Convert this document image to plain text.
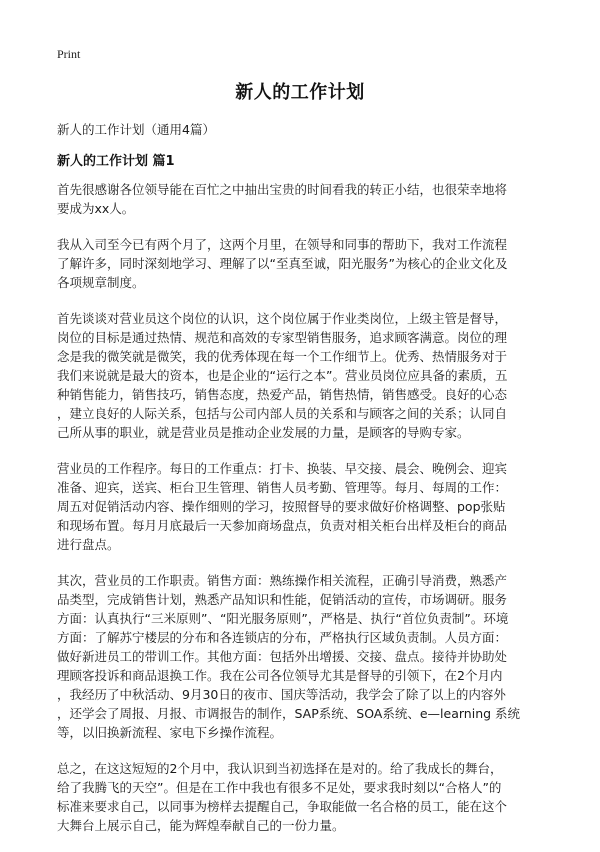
Print
新人的工作计划
新人的工作计划（通用4篇）
新人的工作计划 篇1

首先很感谢各位领导能在百忙之中抽出宝贵的时间看我的转正小结，也很荣幸地将
要成为xx人。

我从入司至今已有两个月了，这两个月里，在领导和同事的帮助下，我对工作流程
了解许多，同时深刻地学习、理解了以“至真至诚，阳光服务”为核心的企业文化及
各项规章制度。

首先谈谈对营业员这个岗位的认识，这个岗位属于作业类岗位，上级主管是督导，
岗位的目标是通过热情、规范和高效的专家型销售服务，追求顾客满意。岗位的理
念是我的微笑就是微笑，我的优秀体现在每一个工作细节上。优秀、热情服务对于
我们来说就是最大的资本，也是企业的“运行之本”。营业员岗位应具备的素质，五
种销售能力，销售技巧，销售态度，热爱产品，销售热情，销售感受。良好的心态
，建立良好的人际关系，包括与公司内部人员的关系和与顾客之间的关系；认同自
己所从事的职业，就是营业员是推动企业发展的力量，是顾客的导购专家。

营业员的工作程序。每日的工作重点：打卡、换装、早交接、晨会、晚例会、迎宾
准备、迎宾，送宾、柜台卫生管理、销售人员考勤、管理等。每月、每周的工作：
周五对促销活动内容、操作细则的学习，按照督导的要求做好价格调整、pop张贴
和现场布置。每月月底最后一天参加商场盘点，负责对相关柜台出样及柜台的商品
进行盘点。

其次，营业员的工作职责。销售方面：熟练操作相关流程，正确引导消费，熟悉产
品类型，完成销售计划，熟悉产品知识和性能，促销活动的宣传，市场调研。服务
方面：认真执行“三米原则”、“阳光服务原则”，严格是、执行“首位负责制”。环境
方面：了解苏宁楼层的分布和各连锁店的分布，严格执行区域负责制。人员方面：
做好新进员工的带训工作。其他方面：包括外出增援、交接、盘点。接待并协助处
理顾客投诉和商品退换工作。我在公司各位领导尤其是督导的引领下，在2个月内
，我经历了中秋活动、9月30日的夜市、国庆等活动，我学会了除了以上的内容外
，还学会了周报、月报、市调报告的制作，SAP系统、SOA系统、e—learning 系统
等，以旧换新流程、家电下乡操作流程。

总之，在这这短短的2个月中，我认识到当初选择在是对的。给了我成长的舞台，
给了我腾飞的天空”。但是在工作中我也有很多不足处，要求我时刻以“合格人”的
标准来要求自己，以同事为榜样去提醒自己，争取能做一名合格的员工，能在这个
大舞台上展示自己，能为辉煌奉献自己的一份力量。
